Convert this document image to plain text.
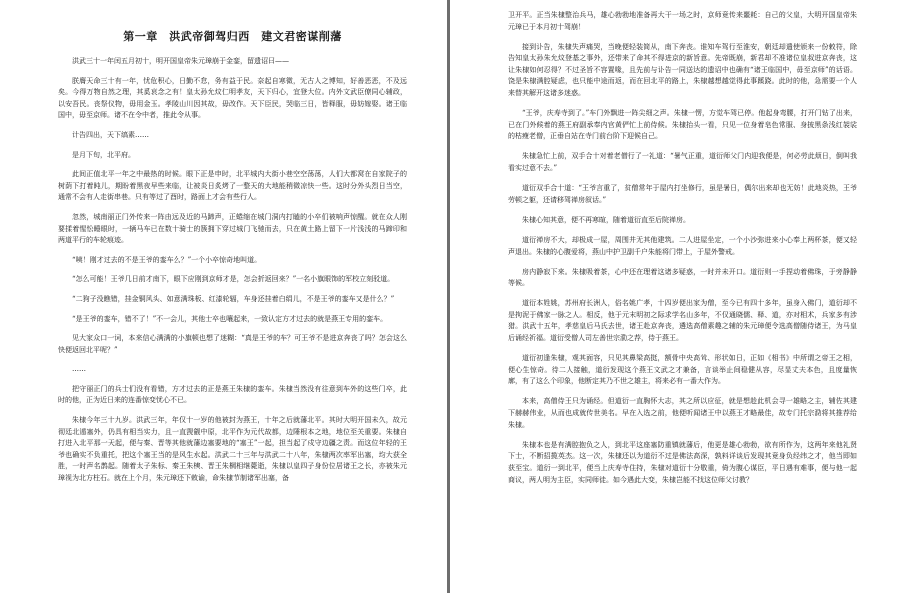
第一章　洪武帝御驾归西　建文君密谋削藩

洪武三十一年闰五月初十，明开国皇帝朱元璋崩于金銮，留遗诏曰——

朕膺天命三十有一年，忧危积心，日勤不怠，务有益于民。奈起自寒微，无古人之博知，好善恶恶，不及远矣。今得万物自然之理，其奚哀念之有！皇太孙允炆仁明孝友，天下归心，宜登大位。内外文武臣僚同心辅政，以安吾民。丧祭仪物，毋用金玉。孝陵山川因其故，毋改作。天下臣民，哭临三日，皆释服，毋妨嫁娶。诸王临国中，毋至京师。诸不在令中者，推此令从事。

计告四出，天下缟素……

是月下旬，北平府。

此间正值北平一年之中最热的时候。眼下正是申时，北平城内大街小巷空空荡荡，人们大都窝在自家院子的树荫下打着盹儿，期盼着黑夜早些来临，让被炎日炙烤了一整天的大地能稍微凉快一些。这时分外头烈日当空，通常不会有人走街串巷。只有等过了酉时，路面上才会有些行人。

忽然，城南丽正门外传来一阵由远及近的马蹄声，正蜷缩在城门洞内打瞌的小卒们被响声惊醒。就在众人刚要揉着惺忪睡眼时，一辆马车已在数十骑士的簇拥下穿过城门飞驰而去，只在黄土路上留下一片浅浅的马蹄印和两道平行的车轮痕迹。

“咦！刚才过去的不是王爷的銮车么？”一个小卒惊奇地叫道。

“怎么可能！王爷几日前才南下，眼下应刚到京师才是，怎会折返回来？”一名小旗眼饰的军校立刻驳道。

“二狗子没瞧错，挂金铜风头、如意满珠板、红漆轮辐，车身还挂着白绢儿，不是王爷的銮车又是什么？”

“是王爷的銮车，错不了！”不一会儿，其他士卒也嚷起来，一致认定方才过去的就是燕王专用的銮车。

见大家众口一词，本来信心满满的小旗顿也想了迷糊：“真是王爷的车？可王爷不是进京奔丧了吗？怎会这么快便返回北平呢？”

……

把守丽正门的兵士们没有看错，方才过去的正是燕王朱棣的銮车。朱棣当然没有往意到车外的这些门卒，此时的他，正为近日来的连番惊变忧心不已。

朱棣今年三十九岁。洪武三年，年仅十一岁的他被封为燕王，十年之后就藩北平。其时大明开国未久，故元彻廷北遁塞外，仍具有相当实力，且一直觊觎中原，北平作为元代故都，边陲根本之地，地位至关重要。朱棣自打进入北平那一天起，便与秦、晋等其他就藩边塞要地的“塞王”一起，担当起了戍守边疆之责。而这位年轻的王爷也确实不负重托，把这个塞王当的是风生水起。洪武二十三年与洪武二十八年，朱棣两次率军出塞，均大获全胜，一时声名鹊起。随着太子朱标、秦王朱樉、晋王朱棡相继薨逝，朱棣以皇四子身份位居诸王之长，亦被朱元璋视为北方柱石。就在上个月，朱元璋还下敕谕，命朱棣节制诸军出塞，备

卫开平。正当朱棣整治兵马，雄心勃勃地准备再大干一场之时，京师竟传来噩耗：自己的父皇，大明开国皇帝朱元璋已于本月初十驾崩！

接到讣告，朱棣失声痛哭，当晚便轻装简从，南下奔丧。谁知车驾行至淮安，朝廷却遣使颁来一份敕符，除告知皇太孙朱允炆登基之事外，还带来了命其不得进京的新旨意。先帝既崩，新君却不准诸位皇叔进京奔丧，这让朱棣如何忍得？不过圣旨不容置喙，且先前与讣告一同送达的遗诏中也确有“诸王临国中，毋至京师”的话语。饶是朱棣满腔疑虑，也只能中途而返，而在回北平的路上，朱棣越想越觉得此事蹊跷。此时的他，急需要一个人来替其解开这诸多迷惑。

“王爷，庆寿寺到了。”车门外飘进一阵尖细之声。朱棣一愣，方觉车驾已停。他起身弯腰，打开门钻了出来，已在门外候着的燕王府副承奉内官黄俨忙上前侍候。朱棣抬头一看，只见一位身着皂色常服、身披黑条浅红袈裟的枯瘦老僧，正垂自站在寺门前台阶下迎候自己。

朱棣急忙上前，双手合十对着老僧行了一礼道：“暑气正重，道衍师父门内迎我便是，何必劳此烦日，倒叫我看实过意不去。”

道衍双手合十道：“王爷言重了，贫僧常年于屋内打坐修行，虽是暑日，偶尔出来却也无妨！此地炎热，王爷劳顿之躯，还请移驾禅房叙话。”

朱棣心知其意，便不再寒暄，随着道衍直至后院禅房。

道衍禅房不大，却极成一屋，周围井无其他建筑。二人进屋坐定，一个小沙弥进来小心奉上两杯茶，便又轻声退出。朱棣的心腹爱将，燕山中护卫副千户朱能将门带上，于屋外警戒。

房内静寂下来。朱棣吸着茶，心中还在理着这诸多疑惑，一时并未开口。道衍则一手捏动着佛珠，于旁静静等候。

道衍本姓姚，苏州府长洲人，俗名姚广孝，十四岁便出家为僧，至今已有四十多年，虽身入佛门，道衍却不是拘泥于佛家一脉之人。相反，他于元末明初之际求学名山多年，不仅通晓儒、释、道，亦对相术，兵家多有涉猎。洪武十五年，孝慈皇后马氏去世，诸王赴京奔丧，遴选高僧素趣之辅的朱元璋便令选高僧随侍诸王，为马皇后诵经祈福。道衍受僧人司左善世宗泐之荐，侍于燕王。

道衍初逢朱棣，观其面容，只见其鼻梁高挺，额骨中央高耸、形状如日，正如《相书》中所谓之帝王之相，便心生惊奇。待二人接触，道衍发现这个燕王文武之才兼备，言谈举止间稳健从容，尽显丈夫本色，且度量恢廓，有了这么个印象，他断定其乃不世之雄主，将来必有一番大作为。

本来，高僧侍王只为诵经。但道衍一直胸怀大志，其之所以应征，就是想趁此机会寻一雄略之主，辅佐其建下赫赫伟业，从而也成就传世美名。早在入选之前，他便听闻诸王中以燕王才略最佳，故专门托宗泐将其推荐给朱棣。

朱棣本也是有满腔抱负之人，到北平这座塞防重镇就藩后，他更是雄心勃勃，欲有所作为，这两年来他礼贤下士，不断招揽英杰。这一次，朱棣还以为道衍不过是佛法高深，孰料详谈后发现其竟身负经纬之才，他当即如获至宝。道衍一到北平，便当上庆寿寺住持，朱棣对道衍十分敬重，倚为腹心谋臣，平日遇有难事，便与他一起商议，两人明为主臣，实同师徒。如今遇此大变，朱棣岂能不找这位师父讨教？
